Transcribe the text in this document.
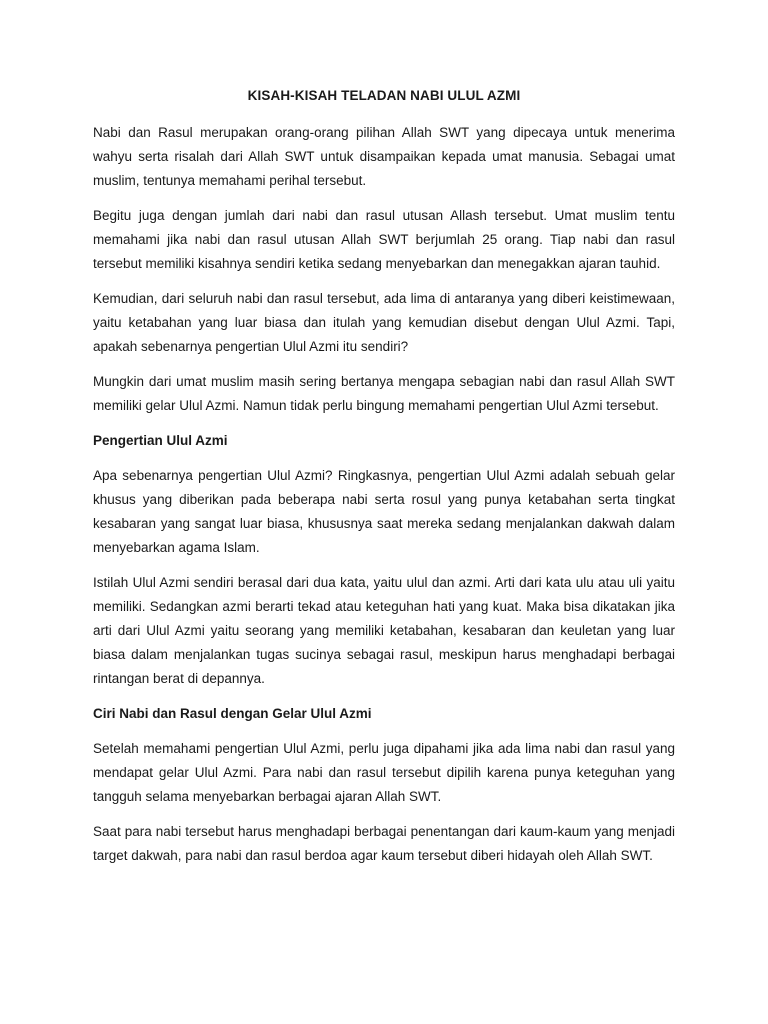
KISAH-KISAH TELADAN NABI ULUL AZMI

Nabi dan Rasul merupakan orang-orang pilihan Allah SWT yang dipecaya untuk menerima wahyu serta risalah dari Allah SWT untuk disampaikan kepada umat manusia. Sebagai umat muslim, tentunya memahami perihal tersebut.

Begitu juga dengan jumlah dari nabi dan rasul utusan Allash tersebut. Umat muslim tentu memahami jika nabi dan rasul utusan Allah SWT berjumlah 25 orang. Tiap nabi dan rasul tersebut memiliki kisahnya sendiri ketika sedang menyebarkan dan menegakkan ajaran tauhid.

Kemudian, dari seluruh nabi dan rasul tersebut, ada lima di antaranya yang diberi keistimewaan, yaitu ketabahan yang luar biasa dan itulah yang kemudian disebut dengan Ulul Azmi. Tapi, apakah sebenarnya pengertian Ulul Azmi itu sendiri?

Mungkin dari umat muslim masih sering bertanya mengapa sebagian nabi dan rasul Allah SWT memiliki gelar Ulul Azmi. Namun tidak perlu bingung memahami pengertian Ulul Azmi tersebut.

Pengertian Ulul Azmi

Apa sebenarnya pengertian Ulul Azmi? Ringkasnya, pengertian Ulul Azmi adalah sebuah gelar khusus yang diberikan pada beberapa nabi serta rosul yang punya ketabahan serta tingkat kesabaran yang sangat luar biasa, khususnya saat mereka sedang menjalankan dakwah dalam menyebarkan agama Islam.

Istilah Ulul Azmi sendiri berasal dari dua kata, yaitu ulul dan azmi. Arti dari kata ulu atau uli yaitu memiliki. Sedangkan azmi berarti tekad atau keteguhan hati yang kuat. Maka bisa dikatakan jika arti dari Ulul Azmi yaitu seorang yang memiliki ketabahan, kesabaran dan keuletan yang luar biasa dalam menjalankan tugas sucinya sebagai rasul, meskipun harus menghadapi berbagai rintangan berat di depannya.

Ciri Nabi dan Rasul dengan Gelar Ulul Azmi

Setelah memahami pengertian Ulul Azmi, perlu juga dipahami jika ada lima nabi dan rasul yang mendapat gelar Ulul Azmi. Para nabi dan rasul tersebut dipilih karena punya keteguhan yang tangguh selama menyebarkan berbagai ajaran Allah SWT.

Saat para nabi tersebut harus menghadapi berbagai penentangan dari kaum-kaum yang menjadi target dakwah, para nabi dan rasul berdoa agar kaum tersebut diberi hidayah oleh Allah SWT.
